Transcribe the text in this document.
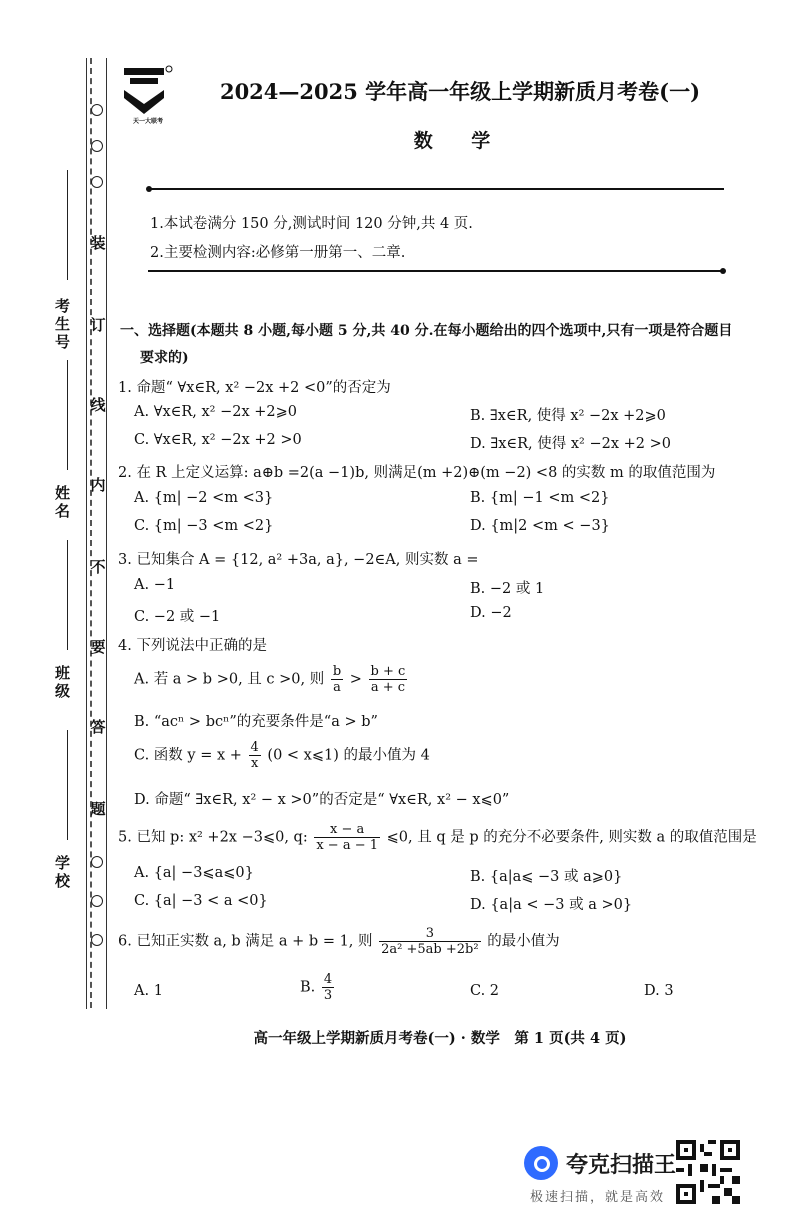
考生号
姓名
班级
学校
装
订
线
内
不
要
答
题
天一大联考
2024—2025 学年高一年级上学期新质月考卷(一)
数 学
1.本试卷满分 150 分,测试时间 120 分钟,共 4 页.
2.主要检测内容:必修第一册第一、二章.
一、选择题(本题共 8 小题,每小题 5 分,共 40 分.在每小题给出的四个选项中,只有一项是符合题目
要求的)
1. 命题“ ∀x∈R, x² −2x +2 <0”的否定为
A. ∀x∈R, x² −2x +2⩾0	B. ∃x∈R, 使得 x² −2x +2⩾0
C. ∀x∈R, x² −2x +2 >0	D. ∃x∈R, 使得 x² −2x +2 >0
2. 在 R 上定义运算: a⊕b =2(a −1)b, 则满足(m +2)⊕(m −2) <8 的实数 m 的取值范围为
A. {m| −2 <m <3}	B. {m| −1 <m <2}
C. {m| −3 <m <2}	D. {m|2 <m < −3}
3. 已知集合 A = {12, a² +3a, a}, −2∈A, 则实数 a =
A. −1	B. −2 或 1
C. −2 或 −1	D. −2
4. 下列说法中正确的是
A. 若 a > b >0, 且 c >0, 则 $\frac{b}{a} > \frac{b + c}{a + c}$
B. “acⁿ > bcⁿ”的充要条件是“a > b”
C. 函数 $y = x + \frac{4}{x} (0$ < x⩽1) 的最小值为 4
D. 命题“ ∃x∈R, x² − x >0”的否定是“ ∀x∈R, x² − x⩽0”
5. 已知 p: x² +2x −3⩽0, q: $\frac{x - a}{x - a - 1}$ ⩽0, 且 q 是 p 的充分不必要条件, 则实数 a 的取值范围是
A. {a| −3⩽a⩽0}	B. {a|a⩽ −3 或 a⩾0}
C. {a| −3 < a <0}	D. {a|a < −3 或 a >0}
6. 已知正实数 a, b 满足 a + b = 1, 则 $\frac{3}{\text{2a² +5ab +2b²}}$ 的最小值为
A. 1	B. $\frac{4}{3}$	C. 2	D. 3
高一年级上学期新质月考卷(一) · 数学　第 1 页(共 4 页)
夸克扫描王
极速扫描，就是高效
